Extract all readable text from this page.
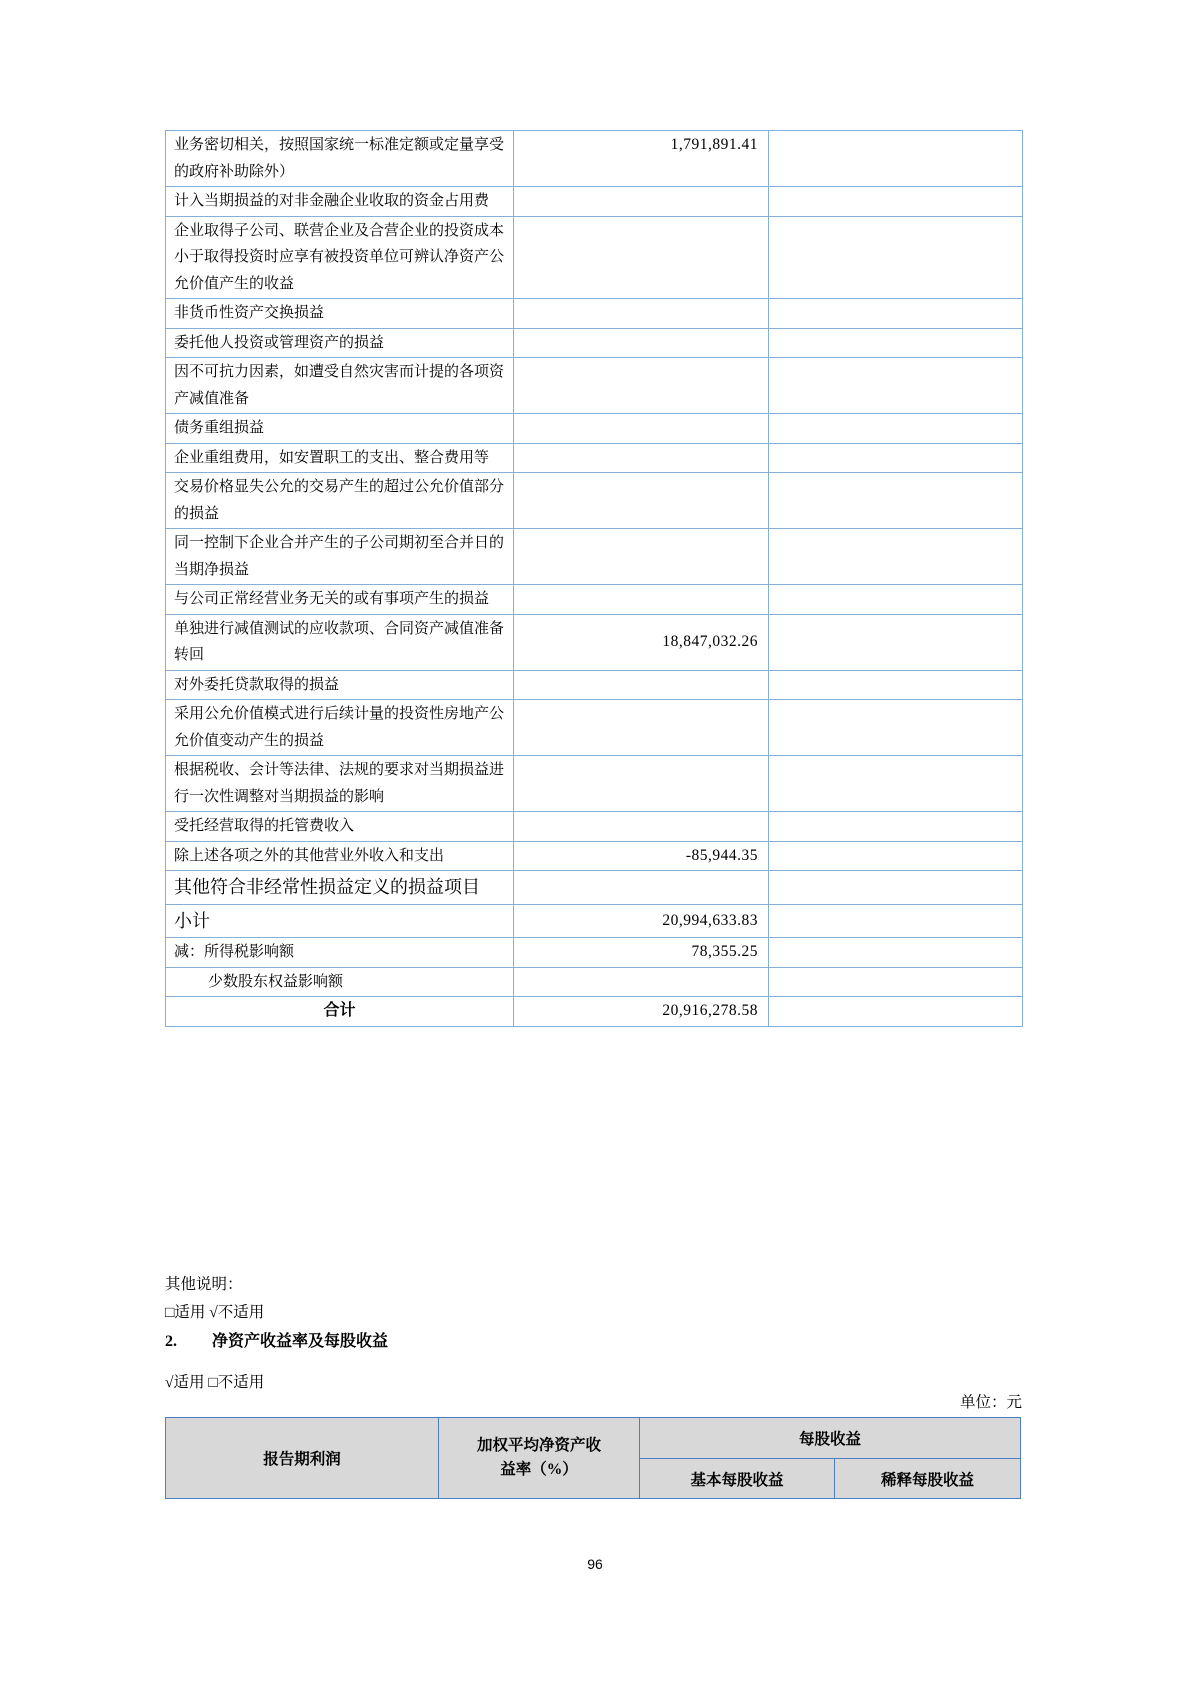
业务密切相关，按照国家统一标准定额或定量享受的政府补助除外）	1,791,891.41	
计入当期损益的对非金融企业收取的资金占用费		
企业取得子公司、联营企业及合营企业的投资成本小于取得投资时应享有被投资单位可辨认净资产公允价值产生的收益		
非货币性资产交换损益		
委托他人投资或管理资产的损益		
因不可抗力因素，如遭受自然灾害而计提的各项资产减值准备		
债务重组损益		
企业重组费用，如安置职工的支出、整合费用等		
交易价格显失公允的交易产生的超过公允价值部分的损益		
同一控制下企业合并产生的子公司期初至合并日的当期净损益		
与公司正常经营业务无关的或有事项产生的损益		
单独进行减值测试的应收款项、合同资产减值准备转回	18,847,032.26	
对外委托贷款取得的损益		
采用公允价值模式进行后续计量的投资性房地产公允价值变动产生的损益		
根据税收、会计等法律、法规的要求对当期损益进行一次性调整对当期损益的影响		
受托经营取得的托管费收入		
除上述各项之外的其他营业外收入和支出	-85,944.35	
其他符合非经常性损益定义的损益项目		
小计	20,994,633.83	
减：所得税影响额	78,355.25	
少数股东权益影响额		
合计	20,916,278.58	
其他说明：
□适用 √不适用
2. 净资产收益率及每股收益
√适用 □不适用
单位：元
报告期利润	加权平均净资产收益率（%）	每股收益	
		基本每股收益	稀释每股收益
96
